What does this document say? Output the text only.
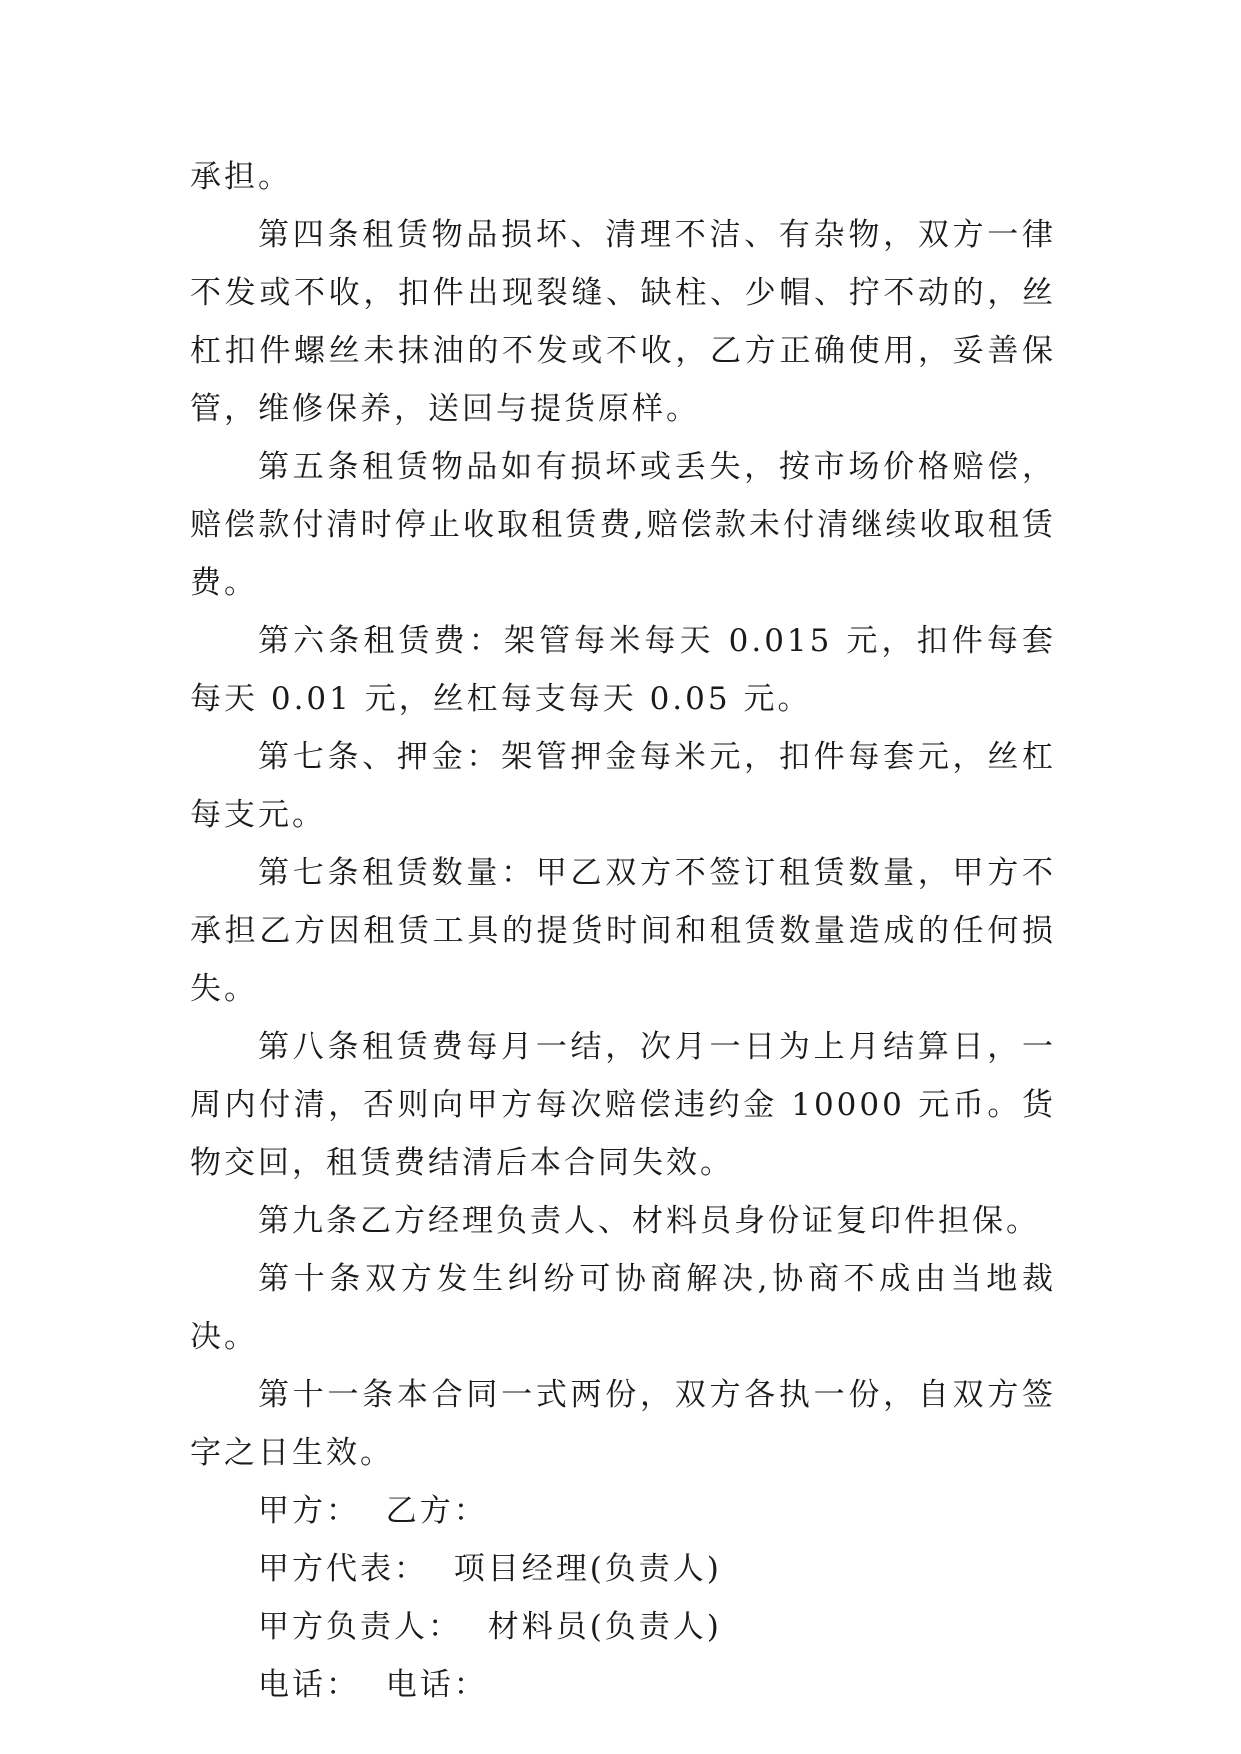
承担。

第四条租赁物品损坏、清理不洁、有杂物，双方一律不发或不收，扣件出现裂缝、缺柱、少帽、拧不动的，丝杠扣件螺丝未抹油的不发或不收，乙方正确使用，妥善保管，维修保养，送回与提货原样。

第五条租赁物品如有损坏或丢失，按市场价格赔偿，赔偿款付清时停止收取租赁费,赔偿款未付清继续收取租赁费。

第六条租赁费：架管每米每天 0.015 元，扣件每套每天 0.01 元，丝杠每支每天 0.05 元。

第七条、押金：架管押金每米元，扣件每套元，丝杠每支元。

第七条租赁数量：甲乙双方不签订租赁数量，甲方不承担乙方因租赁工具的提货时间和租赁数量造成的任何损失。

第八条租赁费每月一结，次月一日为上月结算日，一周内付清，否则向甲方每次赔偿违约金 10000 元币。货物交回，租赁费结清后本合同失效。

第九条乙方经理负责人、材料员身份证复印件担保。

第十条双方发生纠纷可协商解决,协商不成由当地裁决。

第十一条本合同一式两份，双方各执一份，自双方签字之日生效。

甲方：  乙方：

甲方代表：  项目经理(负责人)

甲方负责人：  材料员(负责人)

电话：  电话：
